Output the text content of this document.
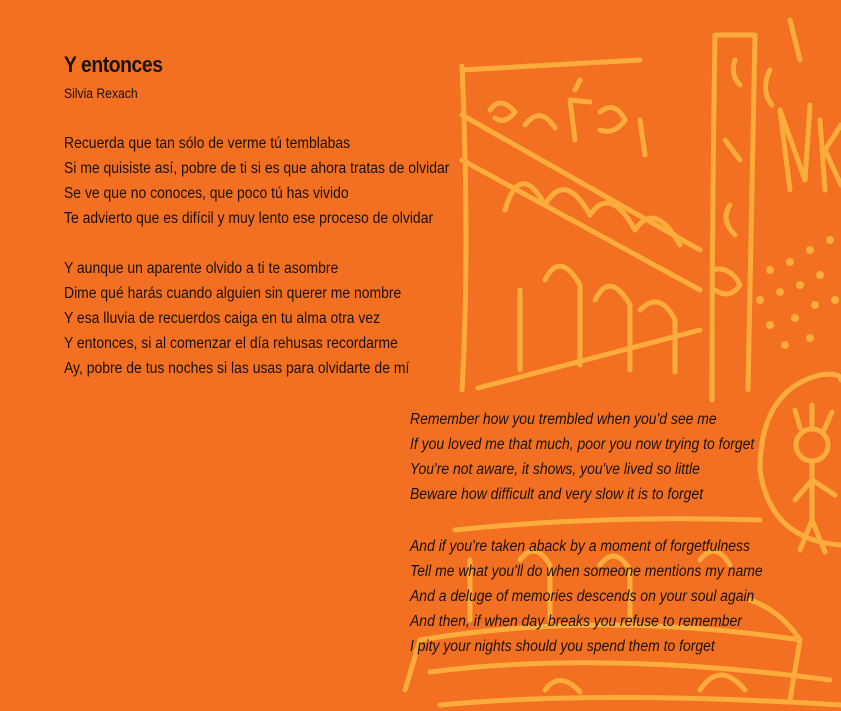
Y entonces
Silvia Rexach
Recuerda que tan sólo de verme tú temblabas
Si me quisiste así, pobre de ti si es que ahora tratas de olvidar
Se ve que no conoces, que poco tú has vivido
Te advierto que es difícil y muy lento ese proceso de olvidar
Y aunque un aparente olvido a ti te asombre
Dime qué harás cuando alguien sin querer me nombre
Y esa lluvia de recuerdos caiga en tu alma otra vez
Y entonces, si al comenzar el día rehusas recordarme
Ay, pobre de tus noches si las usas para olvidarte de mí
Remember how you trembled when you'd see me
If you loved me that much, poor you now trying to forget
You're not aware, it shows, you've lived so little
Beware how difficult and very slow it is to forget
And if you're taken aback by a moment of forgetfulness
Tell me what you'll do when someone mentions my name
And a deluge of memories descends on your soul again
And then, if when day breaks you refuse to remember
I pity your nights should you spend them to forget
